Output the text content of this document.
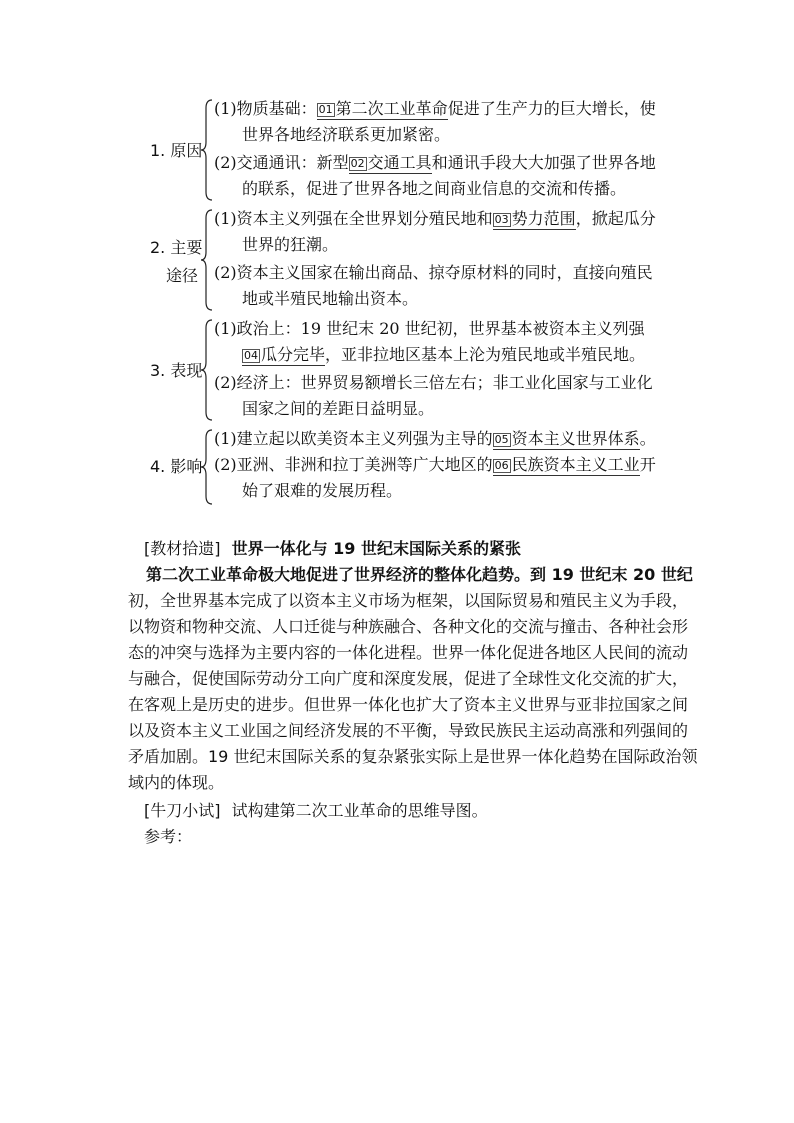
1. 原因
(1)物质基础： 01 第二次工业革命促进了生产力的巨大增长，使
世界各地经济联系更加紧密。
(2)交通通讯：新型 02 交通工具和通讯手段大大加强了世界各地
的联系，促进了世界各地之间商业信息的交流和传播。
2. 主要
途径
(1)资本主义列强在全世界划分殖民地和 03 势力范围，掀起瓜分
世界的狂潮。
(2)资本主义国家在输出商品、掠夺原材料的同时，直接向殖民
地或半殖民地输出资本。
3. 表现
(1)政治上：19 世纪末 20 世纪初，世界基本被资本主义列强
04 瓜分完毕，亚非拉地区基本上沦为殖民地或半殖民地。
(2)经济上：世界贸易额增长三倍左右；非工业化国家与工业化
国家之间的差距日益明显。
4. 影响
(1)建立起以欧美资本主义列强为主导的 05 资本主义世界体系。
(2)亚洲、非洲和拉丁美洲等广大地区的 06 民族资本主义工业开
始了艰难的发展历程。
[教材拾遗] 世界一体化与 19 世纪末国际关系的紧张
第二次工业革命极大地促进了世界经济的整体化趋势。到 19 世纪末 20 世纪
初，全世界基本完成了以资本主义市场为框架，以国际贸易和殖民主义为手段，
以物资和物种交流、人口迁徙与种族融合、各种文化的交流与撞击、各种社会形
态的冲突与选择为主要内容的一体化进程。世界一体化促进各地区人民间的流动
与融合，促使国际劳动分工向广度和深度发展，促进了全球性文化交流的扩大，
在客观上是历史的进步。但世界一体化也扩大了资本主义世界与亚非拉国家之间
以及资本主义工业国之间经济发展的不平衡，导致民族民主运动高涨和列强间的
矛盾加剧。19 世纪末国际关系的复杂紧张实际上是世界一体化趋势在国际政治领
域内的体现。
[牛刀小试] 试构建第二次工业革命的思维导图。
参考：
